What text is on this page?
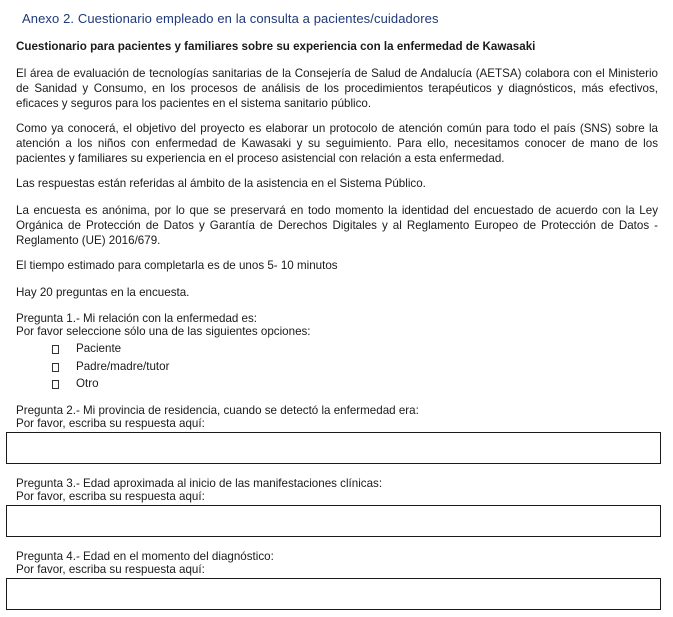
Anexo 2. Cuestionario empleado en la consulta a pacientes/cuidadores
Cuestionario para pacientes y familiares sobre su experiencia con la enfermedad de Kawasaki
El área de evaluación de tecnologías sanitarias de la Consejería de Salud de Andalucía (AETSA) colabora con el Ministerio de Sanidad y Consumo, en los procesos de análisis de los procedimientos terapéuticos y diagnósticos, más efectivos, eficaces y seguros para los pacientes en el sistema sanitario público.
Como ya conocerá, el objetivo del proyecto es elaborar un protocolo de atención común para todo el país (SNS) sobre la atención a los niños con enfermedad de Kawasaki y su seguimiento. Para ello, necesitamos conocer de mano de los pacientes y familiares su experiencia en el proceso asistencial con relación a esta enfermedad.
Las respuestas están referidas al ámbito de la asistencia en el Sistema Público.
La encuesta es anónima, por lo que se preservará en todo momento la identidad del encuestado de acuerdo con la Ley Orgánica de Protección de Datos y Garantía de Derechos Digitales y al Reglamento Europeo de Protección de Datos - Reglamento (UE) 2016/679.
El tiempo estimado para completarla es de unos 5- 10 minutos
Hay 20 preguntas en la encuesta.
Pregunta 1.- Mi relación con la enfermedad es:
Por favor seleccione sólo una de las siguientes opciones:
Paciente
Padre/madre/tutor
Otro
Pregunta 2.- Mi provincia de residencia, cuando se detectó la enfermedad era:
Por favor, escriba su respuesta aquí:
Pregunta 3.- Edad aproximada al inicio de las manifestaciones clínicas:
Por favor, escriba su respuesta aquí:
Pregunta 4.- Edad en el momento del diagnóstico:
Por favor, escriba su respuesta aquí:
